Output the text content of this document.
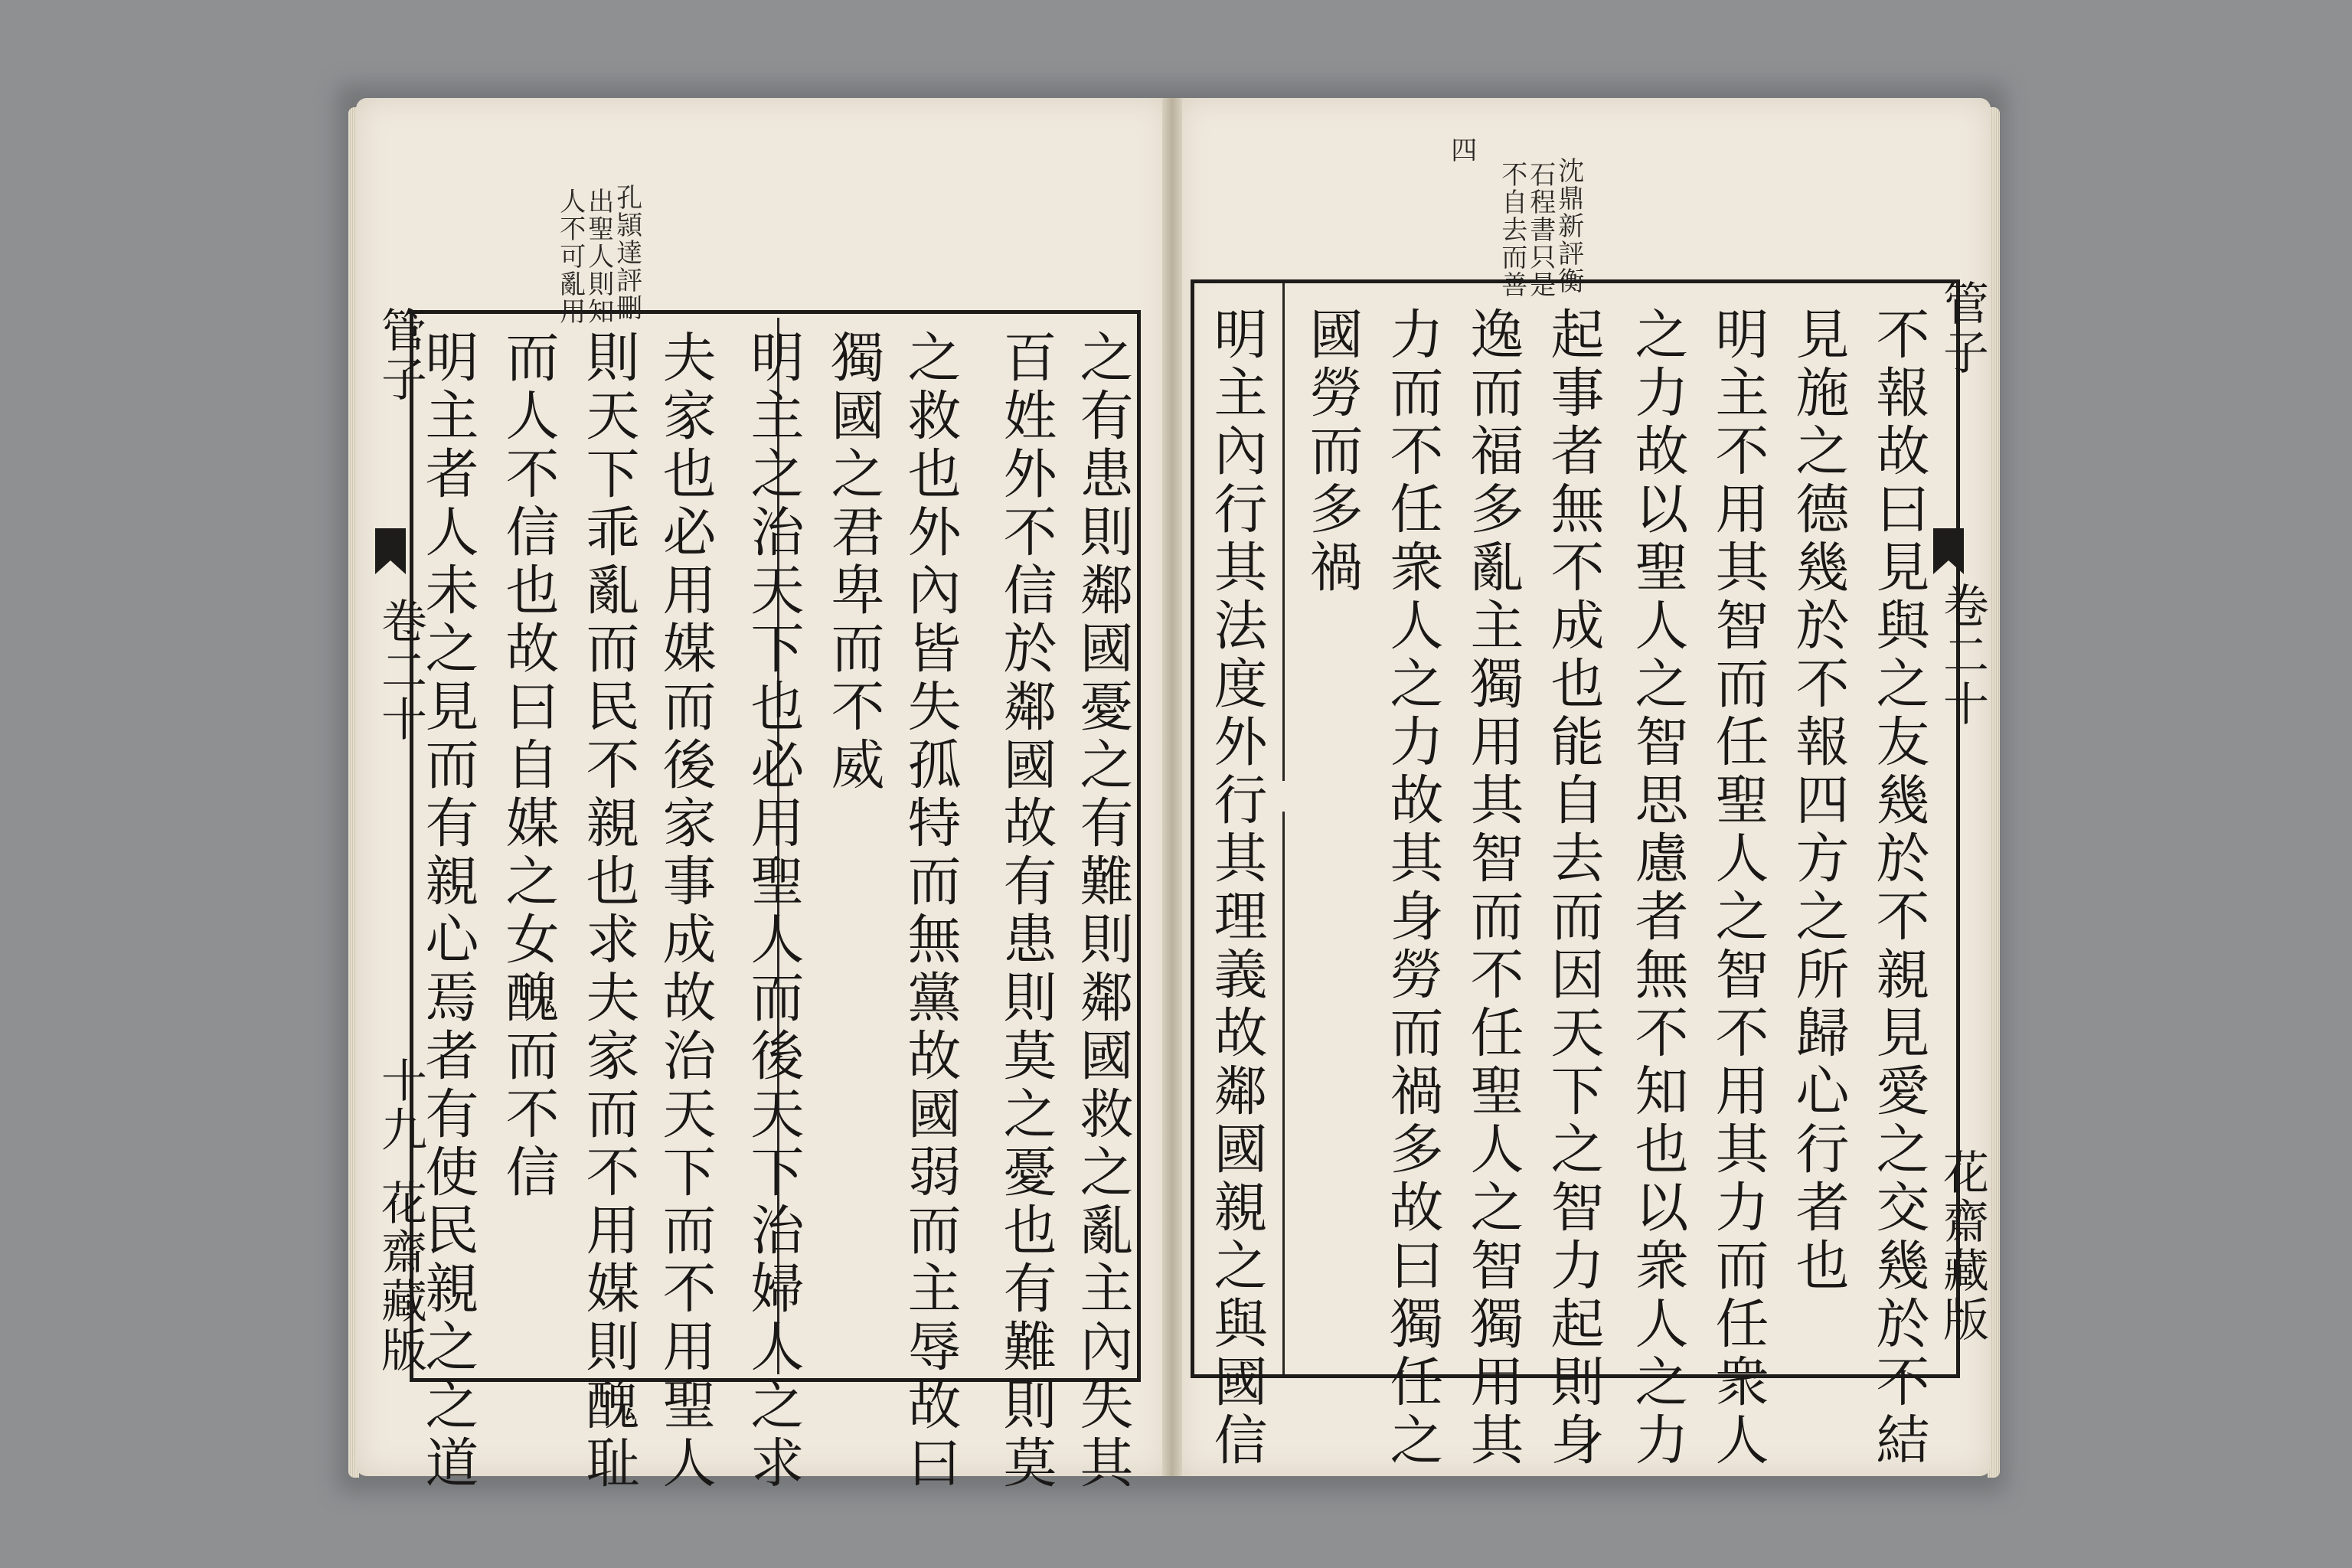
孔頴達評刪
出聖人則知
人不可亂用
之有患則鄰國憂之有難則鄰國救之亂主內失其
百姓外不信於鄰國故有患則莫之憂也有難則莫
之救也外內皆失孤特而無黨故國弱而主辱故曰
獨國之君卑而不威
明主之治天下也必用聖人而後天下治婦人之求
夫家也必用媒而後家事成故治天下而不用聖人
則天下乖亂而民不親也求夫家而不用媒則醜耻
而人不信也故曰自媒之女醜而不信
明主者人未之見而有親心焉者有使民親之之道
管子
卷二十
十九
花齋藏版
沈鼎新評衡
石程書只是
不自去而善
四
不報故曰見與之友幾於不親見愛之交幾於不結
見施之德幾於不報四方之所歸心行者也
明主不用其智而任聖人之智不用其力而任衆人
之力故以聖人之智思慮者無不知也以衆人之力
起事者無不成也能自去而因天下之智力起則身
逸而福多亂主獨用其智而不任聖人之智獨用其
力而不任衆人之力故其身勞而禍多故曰獨任之
國勞而多禍
明主內行其法度外行其理義故鄰國親之與國信	管子
卷二十
花齋藏版
